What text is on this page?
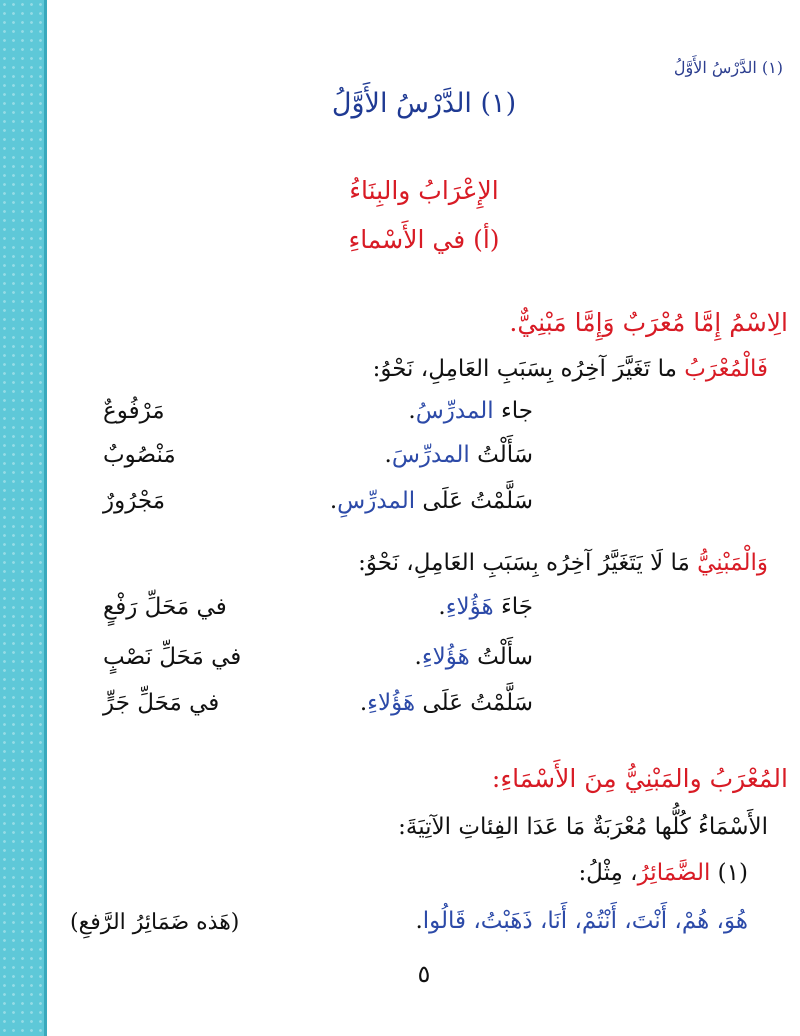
(١) الدَّرْسُ الأَوَّلُ
(١) الدَّرْسُ الأَوَّلُ
الإِعْرَابُ والبِنَاءُ
(أ) في الأَسْماءِ
الِاسْمُ إِمَّا مُعْرَبٌ وَإِمَّا مَبْنِيٌّ.
فَالْمُعْرَبُ ما تَغَيَّرَ آخِرُه بِسَبَبِ العَامِلِ، نَحْوُ:
جاء المدرِّسُ.
مَرْفُوعٌ
سَأَلْتُ المدرِّسَ.
مَنْصُوبٌ
سَلَّمْتُ عَلَى المدرِّسِ.
مَجْرُورٌ
وَالْمَبْنِيُّ مَا لَا يَتَغَيَّرُ آخِرُه بِسَبَبِ العَامِلِ، نَحْوُ:
جَاءَ هَؤُلاءِ.
في مَحَلِّ رَفْعٍ
سأَلْتُ هَؤُلاءِ.
في مَحَلِّ نَصْبٍ
سَلَّمْتُ عَلَى هَؤُلاءِ.
في مَحَلِّ جَرٍّ
المُعْرَبُ والمَبْنِيُّ مِنَ الأَسْمَاءِ:
الأَسْمَاءُ كُلُّها مُعْرَبَةٌ مَا عَدَا الفِئاتِ الآتِيَةَ:
(١) الضَّمَائِرُ، مِثْلُ:
هُوَ، هُمْ، أَنْتَ، أَنْتُمْ، أَنَا، ذَهَبْتُ، قَالُوا.
(هَذه ضَمَائِرُ الرَّفعِ)
٥
